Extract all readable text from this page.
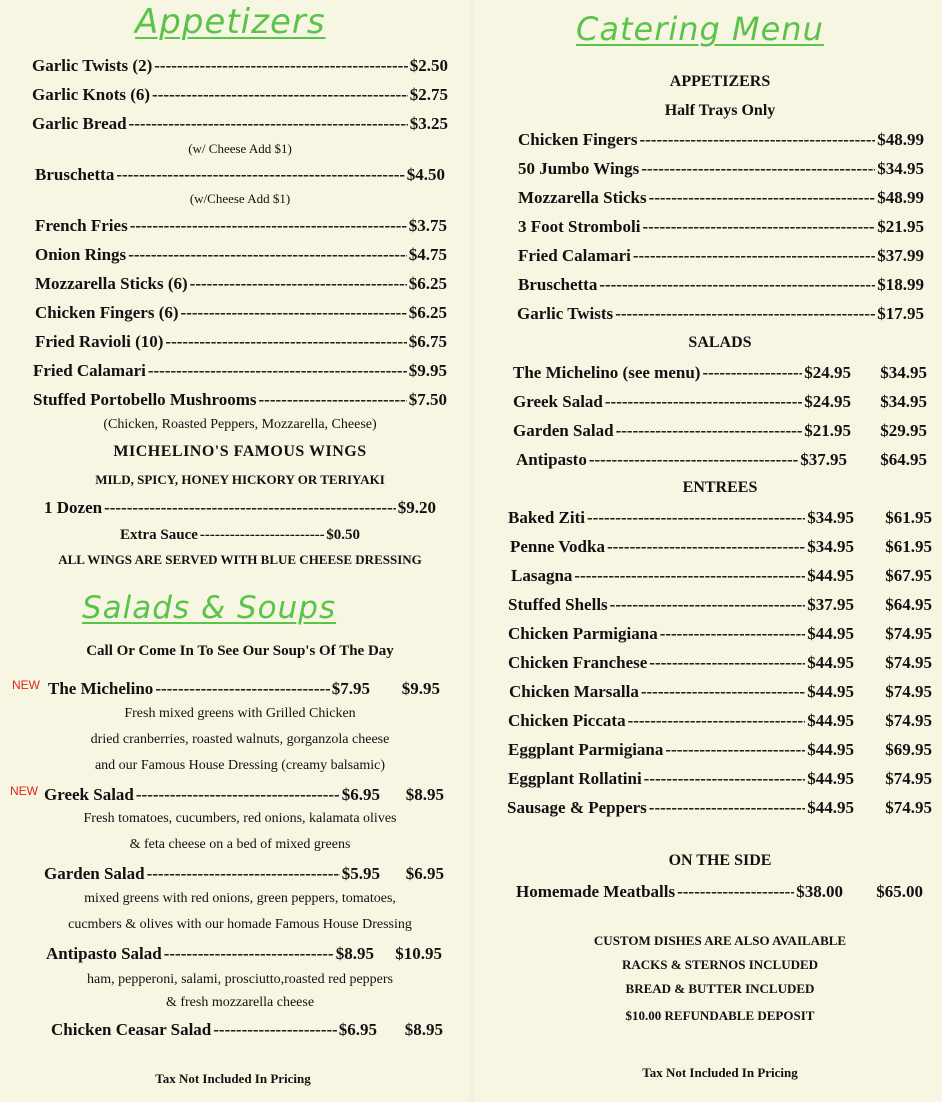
Appetizers
Garlic Twists (2) -----	$2.50
Garlic Knots (6) -----	$2.75
Garlic Bread -----	$3.25
(w/ Cheese Add $1)
Bruschetta -----	$4.50
(w/Cheese Add $1)
French Fries -----	$3.75
Onion Rings -----	$4.75
Mozzarella Sticks (6) -----	$6.25
Chicken Fingers (6) -----	$6.25
Fried Ravioli (10) -----	$6.75
Fried Calamari -----	$9.95
Stuffed Portobello Mushrooms -----	$7.50
(Chicken, Roasted Peppers, Mozzarella, Cheese)
MICHELINO'S FAMOUS WINGS
MILD, SPICY, HONEY HICKORY OR TERIYAKI
1 Dozen -----	$9.20
Extra Sauce -----	$0.50
ALL WINGS ARE SERVED WITH BLUE CHEESE DRESSING
Salads & Soups
Call Or Come In To See Our Soup's Of The Day
NEW The Michelino -----	$7.95	$9.95
Fresh mixed greens with Grilled Chicken
dried cranberries, roasted walnuts, gorganzola cheese
and our Famous House Dressing (creamy balsamic)
NEW Greek Salad -----	$6.95	$8.95
Fresh tomatoes, cucumbers, red onions, kalamata olives
& feta cheese on a bed of mixed greens
Garden Salad -----	$5.95	$6.95
mixed greens with red onions, green peppers, tomatoes,
cucmbers & olives with our homade Famous House Dressing
Antipasto Salad -----	$8.95	$10.95
ham, pepperoni, salami, prosciutto,roasted red peppers
& fresh mozzarella cheese
Chicken Ceasar Salad -----	$6.95	$8.95
Tax Not Included In Pricing
Catering Menu
APPETIZERS
Half Trays Only
Chicken Fingers -----	$48.99
50 Jumbo Wings -----	$34.95
Mozzarella Sticks -----	$48.99
3 Foot Stromboli -----	$21.95
Fried Calamari -----	$37.99
Bruschetta -----	$18.99
Garlic Twists -----	$17.95
SALADS
The Michelino (see menu) -----	$24.95	$34.95
Greek Salad -----	$24.95	$34.95
Garden Salad -----	$21.95	$29.95
Antipasto -----	$37.95	$64.95
ENTREES
Baked Ziti -----	$34.95	$61.95
Penne Vodka -----	$34.95	$61.95
Lasagna -----	$44.95	$67.95
Stuffed Shells -----	$37.95	$64.95
Chicken Parmigiana -----	$44.95	$74.95
Chicken Franchese -----	$44.95	$74.95
Chicken Marsalla -----	$44.95	$74.95
Chicken Piccata -----	$44.95	$74.95
Eggplant Parmigiana -----	$44.95	$69.95
Eggplant Rollatini -----	$44.95	$74.95
Sausage & Peppers -----	$44.95	$74.95
ON THE SIDE
Homemade Meatballs -----	$38.00	$65.00
CUSTOM DISHES ARE ALSO AVAILABLE
RACKS & STERNOS INCLUDED
BREAD & BUTTER INCLUDED
$10.00 REFUNDABLE DEPOSIT
Tax Not Included In Pricing
